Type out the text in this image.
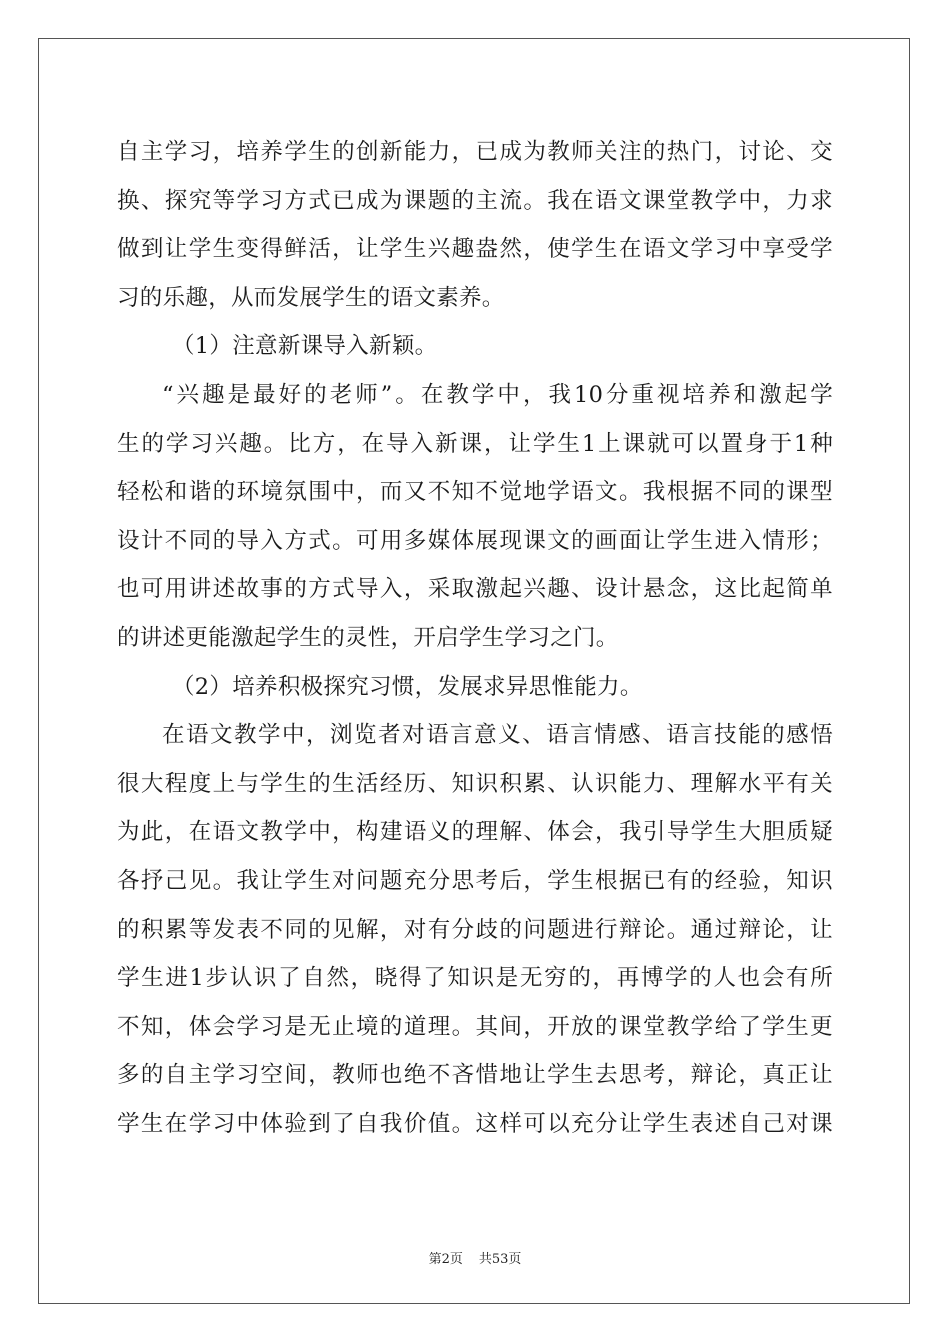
自主学习，培养学生的创新能力，已成为教师关注的热门，讨论、交
换、探究等学习方式已成为课题的主流。我在语文课堂教学中，力求
做到让学生变得鲜活，让学生兴趣盎然，使学生在语文学习中享受学
习的乐趣，从而发展学生的语文素养。
（1）注意新课导入新颖。
“兴趣是最好的老师”。在教学中，我10分重视培养和激起学
生的学习兴趣。比方，在导入新课，让学生1上课就可以置身于1种
轻松和谐的环境氛围中，而又不知不觉地学语文。我根据不同的课型
设计不同的导入方式。可用多媒体展现课文的画面让学生进入情形；
也可用讲述故事的方式导入，采取激起兴趣、设计悬念，这比起简单
的讲述更能激起学生的灵性，开启学生学习之门。
（2）培养积极探究习惯，发展求异思惟能力。
在语文教学中，浏览者对语言意义、语言情感、语言技能的感悟
很大程度上与学生的生活经历、知识积累、认识能力、理解水平有关
为此，在语文教学中，构建语义的理解、体会，我引导学生大胆质疑
各抒己见。我让学生对问题充分思考后，学生根据已有的经验，知识
的积累等发表不同的见解，对有分歧的问题进行辩论。通过辩论，让
学生进1步认识了自然，晓得了知识是无穷的，再博学的人也会有所
不知，体会学习是无止境的道理。其间，开放的课堂教学给了学生更
多的自主学习空间，教师也绝不吝惜地让学生去思考，辩论，真正让
学生在学习中体验到了自我价值。这样可以充分让学生表述自己对课
第2页 共53页
